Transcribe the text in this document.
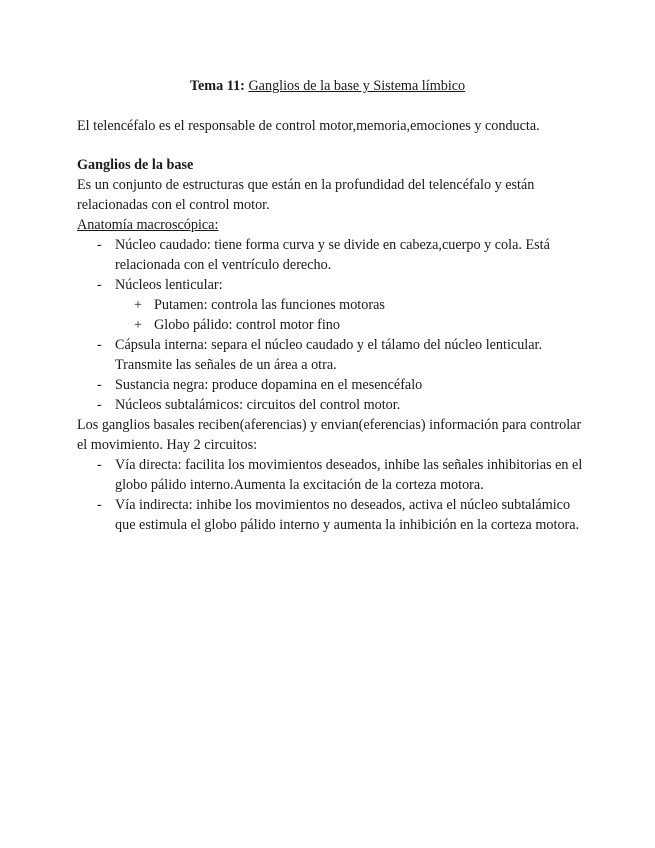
Tema 11: Ganglios de la base y Sistema límbico

El telencéfalo es el responsable de control motor,memoria,emociones y conducta.

Ganglios de la base

Es un conjunto de estructuras que están en la profundidad del telencéfalo y están relacionadas con el control motor.

Anatomía macroscópica:

- Núcleo caudado: tiene forma curva y se divide en cabeza,cuerpo y cola. Está relacionada con el ventrículo derecho.
- Núcleos lenticular:
+ Putamen: controla las funciones motoras
+ Globo pálido: control motor fino
- Cápsula interna: separa el núcleo caudado y el tálamo del núcleo lenticular. Transmite las señales de un área a otra.
- Sustancia negra: produce dopamina en el mesencéfalo
- Núcleos subtalámicos: circuitos del control motor.

Los ganglios basales reciben(aferencias) y envian(eferencias) información para controlar el movimiento. Hay 2 circuitos:

- Vía directa: facilita los movimientos deseados, inhibe las señales inhibitorias en el globo pálido interno.Aumenta la excitación de la corteza motora.
- Vía indirecta: inhibe los movimientos no deseados, activa el núcleo subtalámico que estimula el globo pálido interno y aumenta la inhibición en la corteza motora.
